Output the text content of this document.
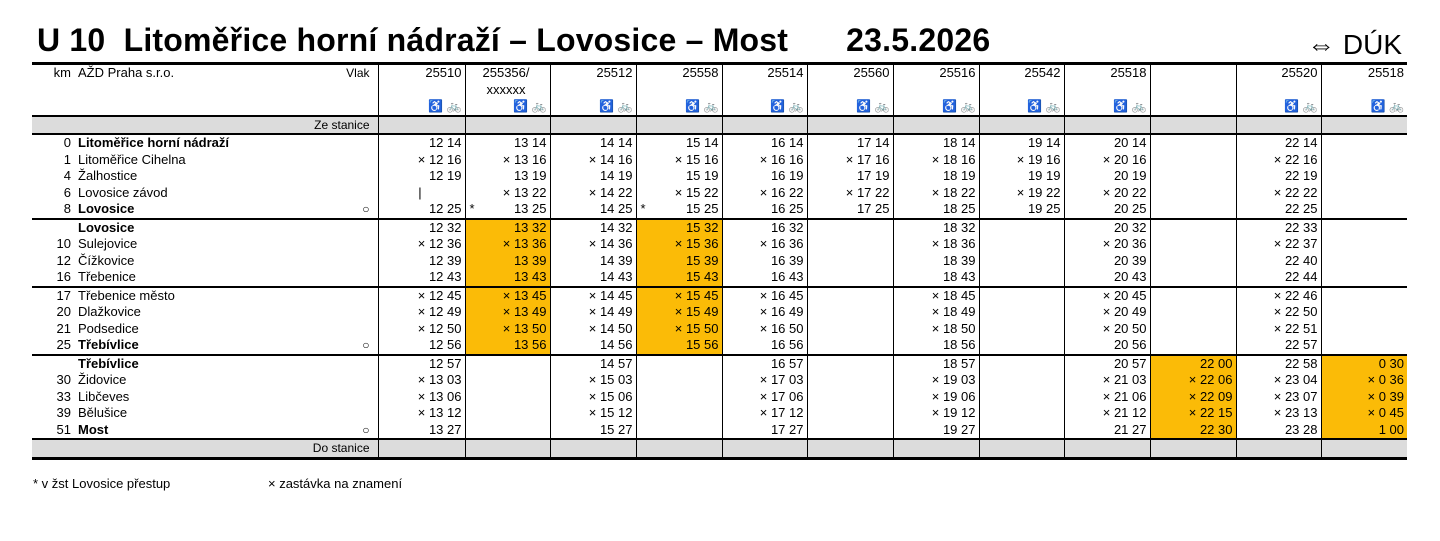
U 10 Litoměřice horní nádraží – Lovosice – Most 23.5.2026	⇔ DÚK
km	AŽD Praha s.r.o.	Vlak	25510	255356/	25512	25558	25514	25560	25516	25542	25518		25520	25518
				xxxxxx										
			♿ 🚲	♿ 🚲	♿ 🚲	♿ 🚲	♿ 🚲	♿ 🚲	♿ 🚲	♿ 🚲	♿ 🚲		♿ 🚲	♿ 🚲
	Ze stanice													
0	Litoměřice horní nádraží		12 14	13 14	14 14	15 14	16 14	17 14	18 14	19 14	20 14		22 14	
1	Litoměřice Cihelna		× 12 16	× 13 16	× 14 16	× 15 16	× 16 16	× 17 16	× 18 16	× 19 16	× 20 16		× 22 16	
4	Žalhostice		12 19	13 19	14 19	15 19	16 19	17 19	18 19	19 19	20 19		22 19	
6	Lovosice závod		|	× 13 22	× 14 22	× 15 22	× 16 22	× 17 22	× 18 22	× 19 22	× 20 22		× 22 22	
8	Lovosice	○	12 25	* 13 25	14 25	* 15 25	16 25	17 25	18 25	19 25	20 25		22 25	
	Lovosice		12 32	13 32	14 32	15 32	16 32		18 32		20 32		22 33	
10	Sulejovice		× 12 36	× 13 36	× 14 36	× 15 36	× 16 36		× 18 36		× 20 36		× 22 37	
12	Čížkovice		12 39	13 39	14 39	15 39	16 39		18 39		20 39		22 40	
16	Třebenice		12 43	13 43	14 43	15 43	16 43		18 43		20 43		22 44	
17	Třebenice město		× 12 45	× 13 45	× 14 45	× 15 45	× 16 45		× 18 45		× 20 45		× 22 46	
20	Dlažkovice		× 12 49	× 13 49	× 14 49	× 15 49	× 16 49		× 18 49		× 20 49		× 22 50	
21	Podsedice		× 12 50	× 13 50	× 14 50	× 15 50	× 16 50		× 18 50		× 20 50		× 22 51	
25	Třebívlice	○	12 56	13 56	14 56	15 56	16 56		18 56		20 56		22 57	
	Třebívlice		12 57		14 57		16 57		18 57		20 57	22 00	22 58	0 30
30	Židovice		× 13 03		× 15 03		× 17 03		× 19 03		× 21 03	× 22 06	× 23 04	× 0 36
33	Libčeves		× 13 06		× 15 06		× 17 06		× 19 06		× 21 06	× 22 09	× 23 07	× 0 39
39	Bělušice		× 13 12		× 15 12		× 17 12		× 19 12		× 21 12	× 22 15	× 23 13	× 0 45
51	Most	○	13 27		15 27		17 27		19 27		21 27	22 30	23 28	1 00
	Do stanice													
* v žst Lovosice přestup	× zastávka na znamení
